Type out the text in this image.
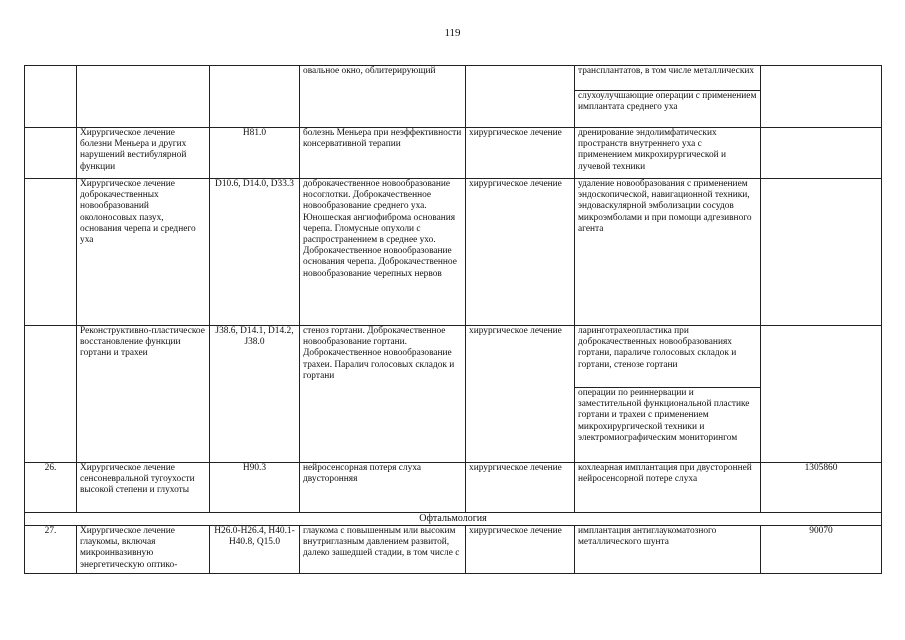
119
			овальное окно, облитерирующий		трансплантатов, в том числе металлических	
					слухоулучшающие операции с применением имплантата среднего уха	
	Хирургическое лечение болезни Меньера и других нарушений вестибулярной функции	H81.0	болезнь Меньера при неэффективности консервативной терапии	хирургическое лечение	дренирование эндолимфатических пространств внутреннего уха с применением микрохирургической и лучевой техники	
	Хирургическое лечение доброкачественных новообразований околоносовых пазух, основания черепа и среднего уха	D10.6, D14.0, D33.3	доброкачественное новообразование носоглотки. Доброкачественное новообразование среднего уха. Юношеская ангиофиброма основания черепа. Гломусные опухоли с распространением в среднее ухо. Доброкачественное новообразование основания черепа. Доброкачественное новообразование черепных нервов	хирургическое лечение	удаление новообразования с применением эндоскопической, навигационной техники, эндоваскулярной эмболизации сосудов микроэмболами и при помощи адгезивного агента	
	Реконструктивно-пластическое восстановление функции гортани и трахеи	J38.6, D14.1, D14.2, J38.0	стеноз гортани. Доброкачественное новообразование гортани. Доброкачественное новообразование трахеи. Паралич голосовых складок и гортани	хирургическое лечение	ларинготрахеопластика при доброкачественных новообразованиях гортани, параличе голосовых складок и гортани, стенозе гортани	
					операции по реиннервации и заместительной функциональной пластике гортани и трахеи с применением микрохирургической техники и электромиографическим мониторингом	
26.	Хирургическое лечение сенсоневральной тугоухости высокой степени и глухоты	H90.3	нейросенсорная потеря слуха двусторонняя	хирургическое лечение	кохлеарная имплантация при двусторонней нейросенсорной потере слуха	1305860
Офтальмология						
27.	Хирургическое лечение глаукомы, включая микроинвазивную энергетическую оптико-	H26.0-H26.4, H40.1- H40.8, Q15.0	глаукома с повышенным или высоким внутриглазным давлением развитой, далеко зашедшей стадии, в том числе с	хирургическое лечение	имплантация антиглаукоматозного металлического шунта	90070
